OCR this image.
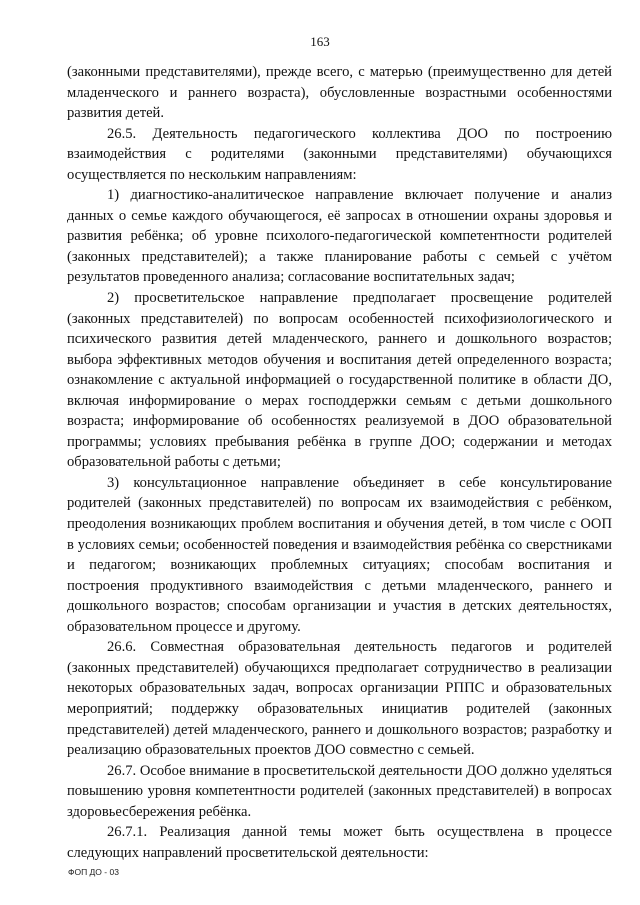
163

(законными представителями), прежде всего, с матерью (преимущественно для детей младенческого и раннего возраста), обусловленные возрастными особенностями развития детей.

26.5. Деятельность педагогического коллектива ДОО по построению взаимодействия с родителями (законными представителями) обучающихся осуществляется по нескольким направлениям:

1) диагностико-аналитическое направление включает получение и анализ данных о семье каждого обучающегося, её запросах в отношении охраны здоровья и развития ребёнка; об уровне психолого-педагогической компетентности родителей (законных представителей); а также планирование работы с семьей с учётом результатов проведенного анализа; согласование воспитательных задач;

2) просветительское направление предполагает просвещение родителей (законных представителей) по вопросам особенностей психофизиологического и психического развития детей младенческого, раннего и дошкольного возрастов; выбора эффективных методов обучения и воспитания детей определенного возраста; ознакомление с актуальной информацией о государственной политике в области ДО, включая информирование о мерах господдержки семьям с детьми дошкольного возраста; информирование об особенностях реализуемой в ДОО образовательной программы; условиях пребывания ребёнка в группе ДОО; содержании и методах образовательной работы с детьми;

3) консультационное направление объединяет в себе консультирование родителей (законных представителей) по вопросам их взаимодействия с ребёнком, преодоления возникающих проблем воспитания и обучения детей, в том числе с ООП в условиях семьи; особенностей поведения и взаимодействия ребёнка со сверстниками и педагогом; возникающих проблемных ситуациях; способам воспитания и построения продуктивного взаимодействия с детьми младенческого, раннего и дошкольного возрастов; способам организации и участия в детских деятельностях, образовательном процессе и другому.

26.6. Совместная образовательная деятельность педагогов и родителей (законных представителей) обучающихся предполагает сотрудничество в реализации некоторых образовательных задач, вопросах организации РППС и образовательных мероприятий; поддержку образовательных инициатив родителей (законных представителей) детей младенческого, раннего и дошкольного возрастов; разработку и реализацию образовательных проектов ДОО совместно с семьей.

26.7. Особое внимание в просветительской деятельности ДОО должно уделяться повышению уровня компетентности родителей (законных представителей) в вопросах здоровьесбережения ребёнка.

26.7.1. Реализация данной темы может быть осуществлена в процессе следующих направлений просветительской деятельности:

ФОП ДО - 03
